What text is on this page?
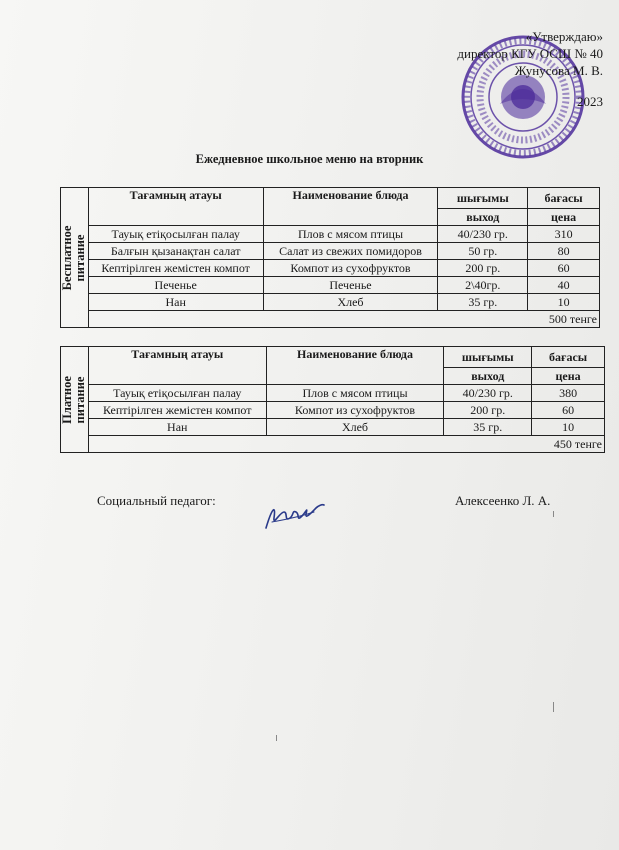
«Утверждаю»
директор КГУ ОСШ № 40
Жунусова М. В.
2023
Ежедневное школьное меню на вторник
Бесплатное
питание	Тағамның атауы	Наименование блюда	шығымы	бағасы
			выход	цена
	Тауық етіқосылған палау	Плов с мясом птицы	40/230 гр.	310
	Балғын қызанақтан салат	Салат из свежих помидоров	50 гр.	80
	Кептірілген жемістен компот	Компот из сухофруктов	200 гр.	60
	Печенье	Печенье	2\40гр.	40
	Нан	Хлеб	35 гр.	10
	500 тенге			
Платное
питание	Тағамның атауы	Наименование блюда	шығымы	бағасы
			выход	цена
	Тауық етіқосылған палау	Плов с мясом птицы	40/230 гр.	380
	Кептірілген жемістен компот	Компот из сухофруктов	200 гр.	60
	Нан	Хлеб	35 гр.	10
	450 тенге			
Социальный педагог:	Алексеенко Л. А.
